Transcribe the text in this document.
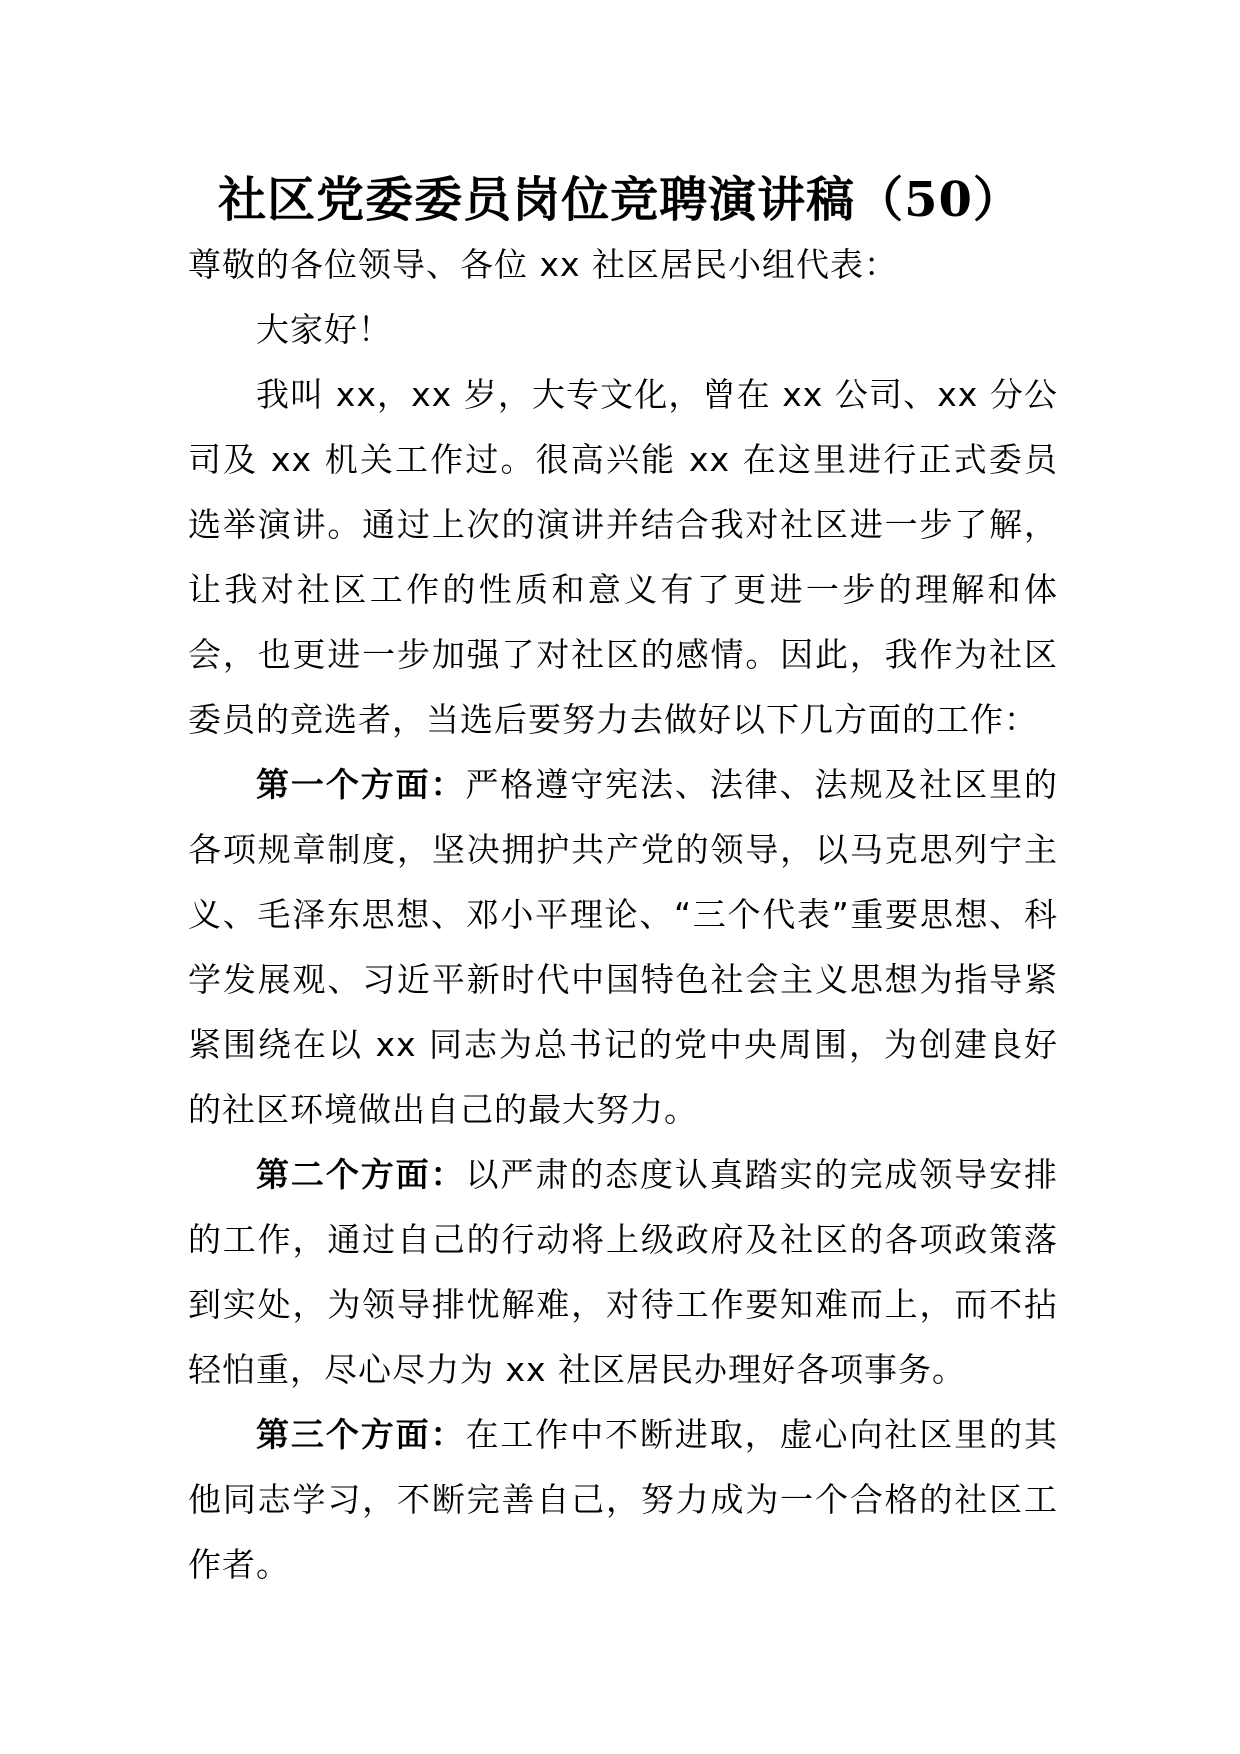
社区党委委员岗位竞聘演讲稿（50）

尊敬的各位领导、各位 xx 社区居民小组代表：

大家好！

我叫 xx，xx 岁，大专文化，曾在 xx 公司、xx 分公司及 xx 机关工作过。很高兴能 xx 在这里进行正式委员选举演讲。通过上次的演讲并结合我对社区进一步了解，让我对社区工作的性质和意义有了更进一步的理解和体会，也更进一步加强了对社区的感情。因此，我作为社区委员的竞选者，当选后要努力去做好以下几方面的工作：

第一个方面：严格遵守宪法、法律、法规及社区里的各项规章制度，坚决拥护共产党的领导，以马克思列宁主义、毛泽东思想、邓小平理论、“三个代表”重要思想、科学发展观、习近平新时代中国特色社会主义思想为指导紧紧围绕在以 xx 同志为总书记的党中央周围，为创建良好的社区环境做出自己的最大努力。

第二个方面：以严肃的态度认真踏实的完成领导安排的工作，通过自己的行动将上级政府及社区的各项政策落到实处，为领导排忧解难，对待工作要知难而上，而不拈轻怕重，尽心尽力为 xx 社区居民办理好各项事务。

第三个方面：在工作中不断进取，虚心向社区里的其他同志学习，不断完善自己，努力成为一个合格的社区工作者。
